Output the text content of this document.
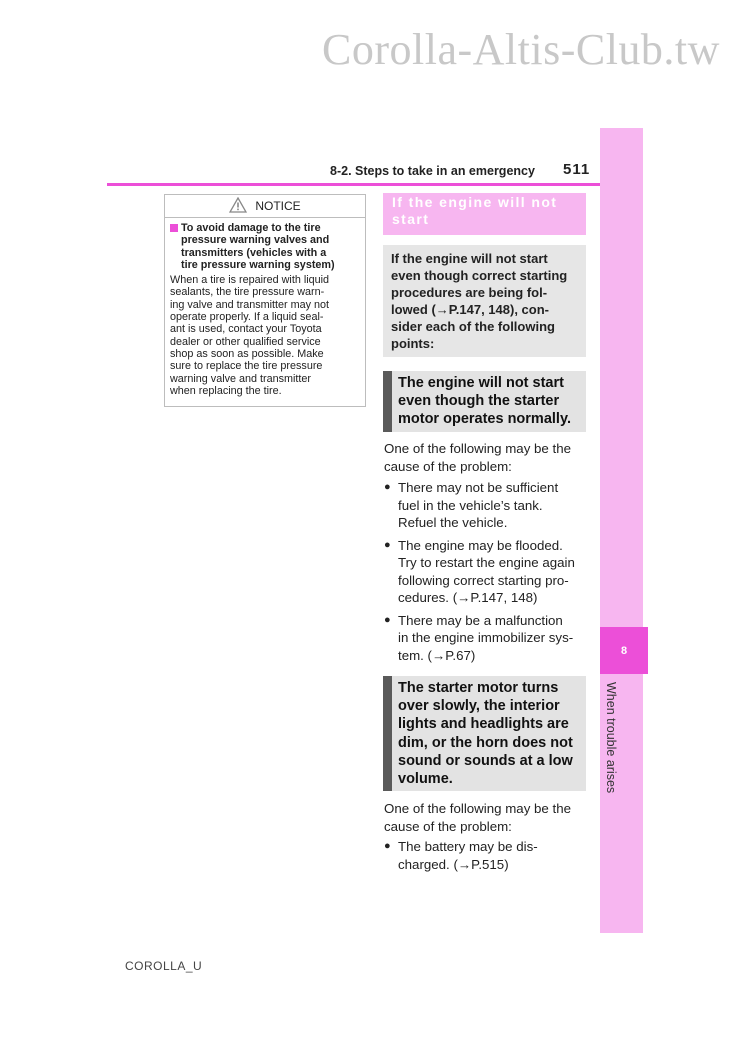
Corolla-Altis-Club.tw
8
When trouble arises
8-2. Steps to take in an emergency 511
NOTICE
To avoid damage to the tire
pressure warning valves and
transmitters (vehicles with a
tire pressure warning system)
When a tire is repaired with liquid
sealants, the tire pressure warn-
ing valve and transmitter may not
operate properly. If a liquid seal-
ant is used, contact your Toyota
dealer or other qualified service
shop as soon as possible. Make
sure to replace the tire pressure
warning valve and transmitter
when replacing the tire.
If the engine will not
start
If the engine will not start
even though correct starting
procedures are being fol-
lowed (→P.147, 148), con-
sider each of the following
points:
The engine will not start
even though the starter
motor operates normally.
One of the following may be the
cause of the problem:
● There may not be sufficient
fuel in the vehicle’s tank.
Refuel the vehicle.
● The engine may be flooded.
Try to restart the engine again
following correct starting pro-
cedures. (→P.147, 148)
● There may be a malfunction
in the engine immobilizer sys-
tem. (→P.67)
The starter motor turns
over slowly, the interior
lights and headlights are
dim, or the horn does not
sound or sounds at a low
volume.
One of the following may be the
cause of the problem:
● The battery may be dis-
charged. (→P.515)
COROLLA_U
